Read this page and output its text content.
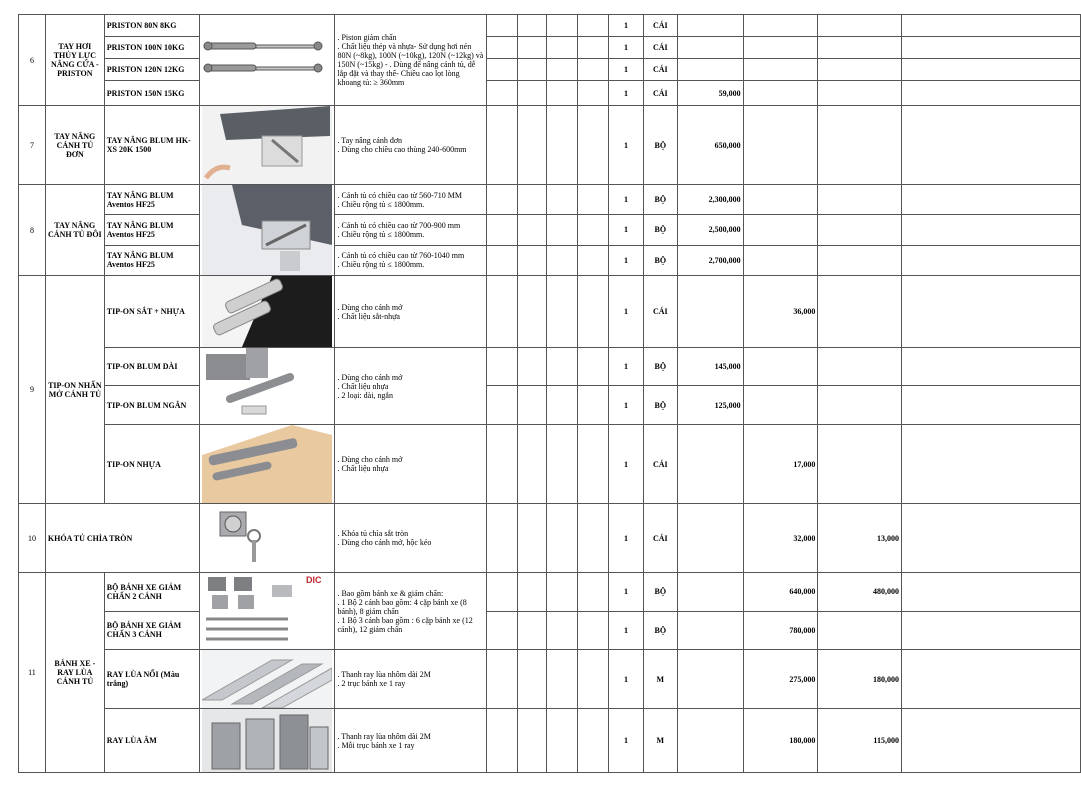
6	TAY HƠI THỦY LỰC NÂNG CỬA - PRISTON	PRISTON 80N 8KG		. Piston giảm chấn
. Chất liệu thép và nhựa- Sử dụng hơi nén 80N (~8kg), 100N (~10kg), 120N (~12kg) và 150N (~15kg) - . Dùng để nâng cánh tủ, dễ lắp đặt và thay thế- Chiều cao lọt lòng khoang tủ: ≥ 360mm					1	CÁI				
		PRISTON 100N 10KG							1	CÁI				
		PRISTON 120N 12KG							1	CÁI				
		PRISTON 150N 15KG							1	CÁI	59,000			
7	TAY NÂNG CÁNH TỦ ĐƠN	TAY NÂNG BLUM HK-XS 20K 1500		. Tay nâng cánh đơn
. Dùng cho chiều cao thùng 240-600mm					1	BỘ	650,000			
8	TAY NÂNG CÁNH TỦ ĐÔI	TAY NÂNG BLUM Aventos HF25		. Cánh tủ có chiều cao từ 560-710 MM
. Chiều rộng tủ ≤ 1800mm.					1	BỘ	2,300,000			
		TAY NÂNG BLUM Aventos HF25		. Cánh tủ có chiều cao từ 700-900 mm
. Chiều rộng tủ ≤ 1800mm.					1	BỘ	2,500,000			
		TAY NÂNG BLUM Aventos HF25		. Cánh tủ có chiều cao từ 760-1040 mm
. Chiều rộng tủ ≤ 1800mm.					1	BỘ	2,700,000			
9	TIP-ON NHẤN MỞ CÁNH TỦ	TIP-ON SẮT + NHỰA		. Dùng cho cánh mở
. Chất liệu sắt-nhựa					1	CÁI		36,000		
		TIP-ON BLUM DÀI		. Dùng cho cánh mở
. Chất liệu nhựa
. 2 loại: dài, ngắn					1	BỘ	145,000			
		TIP-ON BLUM NGẮN							1	BỘ	125,000			
		TIP-ON NHỰA		. Dùng cho cánh mở
. Chất liệu nhựa					1	CÁI		17,000		
10	KHÓA TỦ CHÌA TRÒN			. Khóa tủ chìa sắt tròn
. Dùng cho cánh mở, hộc kéo					1	CÁI		32,000	13,000	
11	BÁNH XE - RAY LÙA CÁNH TỦ	BỘ BÁNH XE GIẢM CHẤN 2 CÁNH	DIC	. Bao gồm bánh xe & giảm chấn:
. 1 Bộ 2 cánh bao gồm: 4 cặp bánh xe (8 bánh), 8 giảm chấn
. 1 Bộ 3 cánh bao gồm : 6 cặp bánh xe (12 cánh), 12 giảm chấn					1	BỘ		640,000	480,000	
		BỘ BÁNH XE GIẢM CHẤN 3 CÁNH							1	BỘ		780,000		
		RAY LÙA NỔI (Màu trắng)		. Thanh ray lùa nhôm dài 2M
. 2 trục bánh xe 1 ray					1	M		275,000	180,000	
		RAY LÙA ÂM		. Thanh ray lùa nhôm dài 2M
. Mỗi trục bánh xe 1 ray					1	M		180,000	115,000	
